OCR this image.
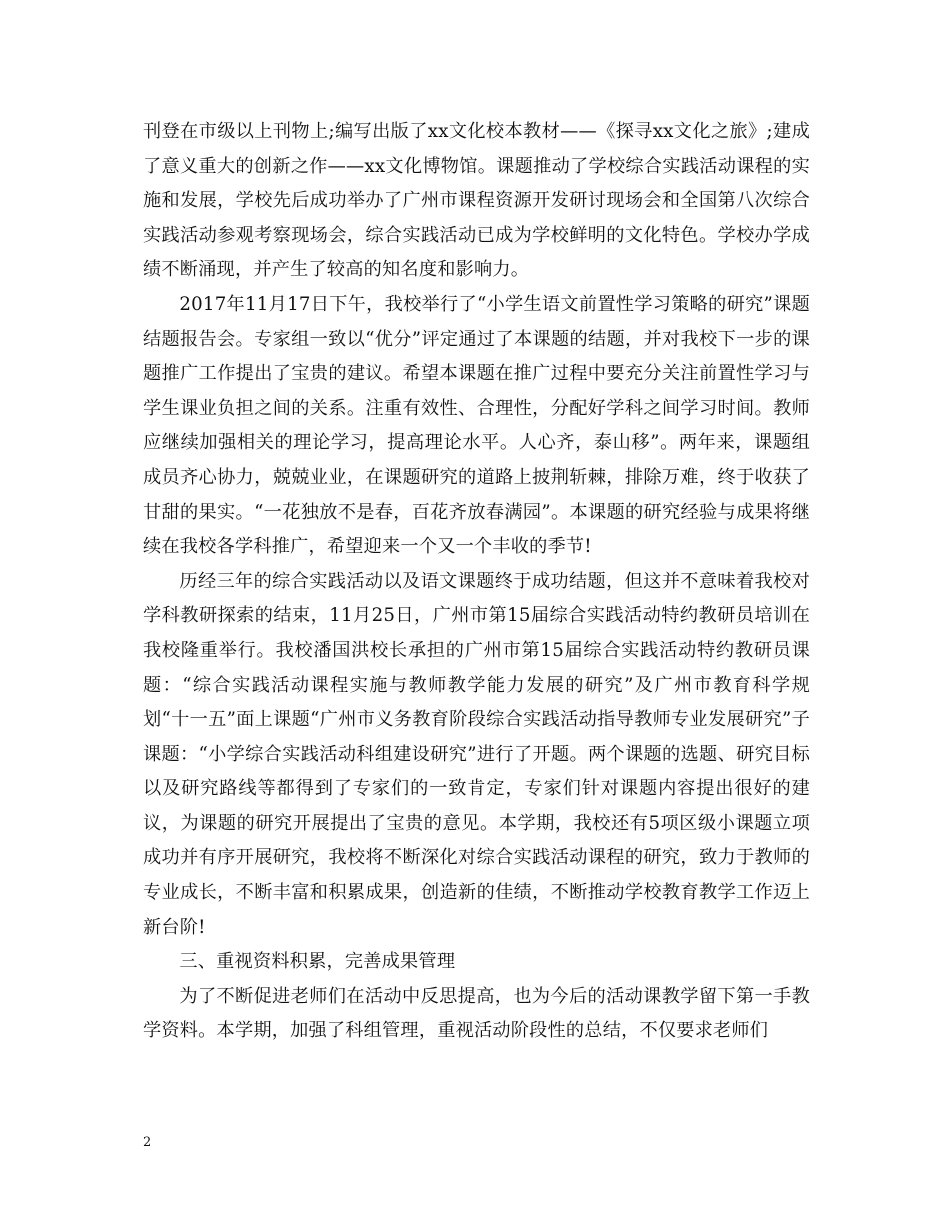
刊登在市级以上刊物上;编写出版了xx文化校本教材——《探寻xx文化之旅》;建成了意义重大的创新之作——xx文化博物馆。课题推动了学校综合实践活动课程的实施和发展，学校先后成功举办了广州市课程资源开发研讨现场会和全国第八次综合实践活动参观考察现场会，综合实践活动已成为学校鲜明的文化特色。学校办学成绩不断涌现，并产生了较高的知名度和影响力。

2017年11月17日下午，我校举行了“小学生语文前置性学习策略的研究”课题结题报告会。专家组一致以“优分”评定通过了本课题的结题，并对我校下一步的课题推广工作提出了宝贵的建议。希望本课题在推广过程中要充分关注前置性学习与学生课业负担之间的关系。注重有效性、合理性，分配好学科之间学习时间。教师应继续加强相关的理论学习，提高理论水平。人心齐，泰山移”。两年来，课题组成员齐心协力，兢兢业业，在课题研究的道路上披荆斩棘，排除万难，终于收获了甘甜的果实。“一花独放不是春，百花齐放春满园”。本课题的研究经验与成果将继续在我校各学科推广，希望迎来一个又一个丰收的季节!

历经三年的综合实践活动以及语文课题终于成功结题，但这并不意味着我校对学科教研探索的结束，11月25日，广州市第15届综合实践活动特约教研员培训在我校隆重举行。我校潘国洪校长承担的广州市第15届综合实践活动特约教研员课题：“综合实践活动课程实施与教师教学能力发展的研究”及广州市教育科学规划“十一五”面上课题“广州市义务教育阶段综合实践活动指导教师专业发展研究”子课题：“小学综合实践活动科组建设研究”进行了开题。两个课题的选题、研究目标以及研究路线等都得到了专家们的一致肯定，专家们针对课题内容提出很好的建议，为课题的研究开展提出了宝贵的意见。本学期，我校还有5项区级小课题立项成功并有序开展研究，我校将不断深化对综合实践活动课程的研究，致力于教师的专业成长，不断丰富和积累成果，创造新的佳绩，不断推动学校教育教学工作迈上新台阶!

三、重视资料积累，完善成果管理

为了不断促进老师们在活动中反思提高，也为今后的活动课教学留下第一手教学资料。本学期，加强了科组管理，重视活动阶段性的总结，不仅要求老师们

2
